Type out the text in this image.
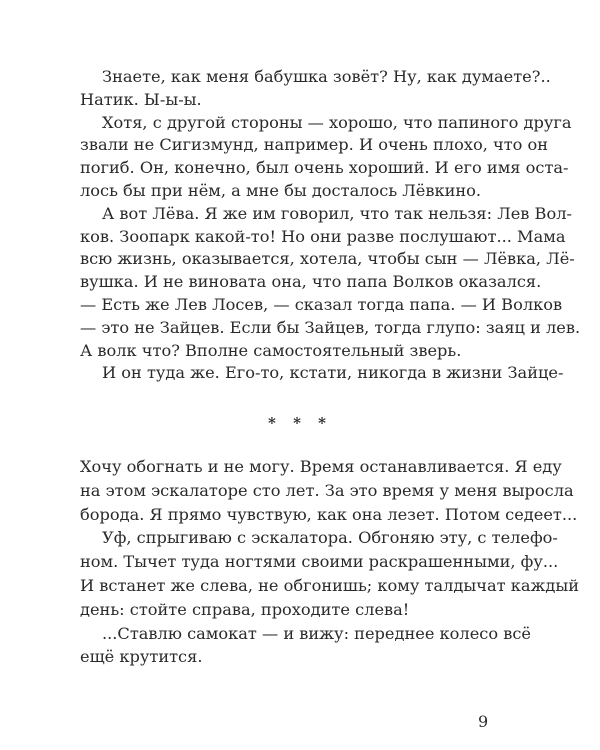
Знаете, как меня бабушка зовёт? Ну, как думаете?..
Натик. Ы-ы-ы.
Хотя, с другой стороны — хорошо, что папиного друга
звали не Сигизмунд, например. И очень плохо, что он
погиб. Он, конечно, был очень хороший. И его имя оста-
лось бы при нём, а мне бы досталось Лёвкино.
А вот Лёва. Я же им говорил, что так нельзя: Лев Вол-
ков. Зоопарк какой-то! Но они разве послушают... Мама
всю жизнь, оказывается, хотела, чтобы сын — Лёвка, Лё-
вушка. И не виновата она, что папа Волков оказался.
— Есть же Лев Лосев, — сказал тогда папа. — И Волков
— это не Зайцев. Если бы Зайцев, тогда глупо: заяц и лев.
А волк что? Вполне самостоятельный зверь.
И он туда же. Его-то, кстати, никогда в жизни Зайце-
* * *
Хочу обогнать и не могу. Время останавливается. Я еду
на этом эскалаторе сто лет. За это время у меня выросла
борода. Я прямо чувствую, как она лезет. Потом седеет...
Уф, спрыгиваю с эскалатора. Обгоняю эту, с телефо-
ном. Тычет туда ногтями своими раскрашенными, фу...
И встанет же слева, не обгонишь; кому талдычат каждый
день: стойте справа, проходите слева!
...Ставлю самокат — и вижу: переднее колесо всё
ещё крутится.
9
